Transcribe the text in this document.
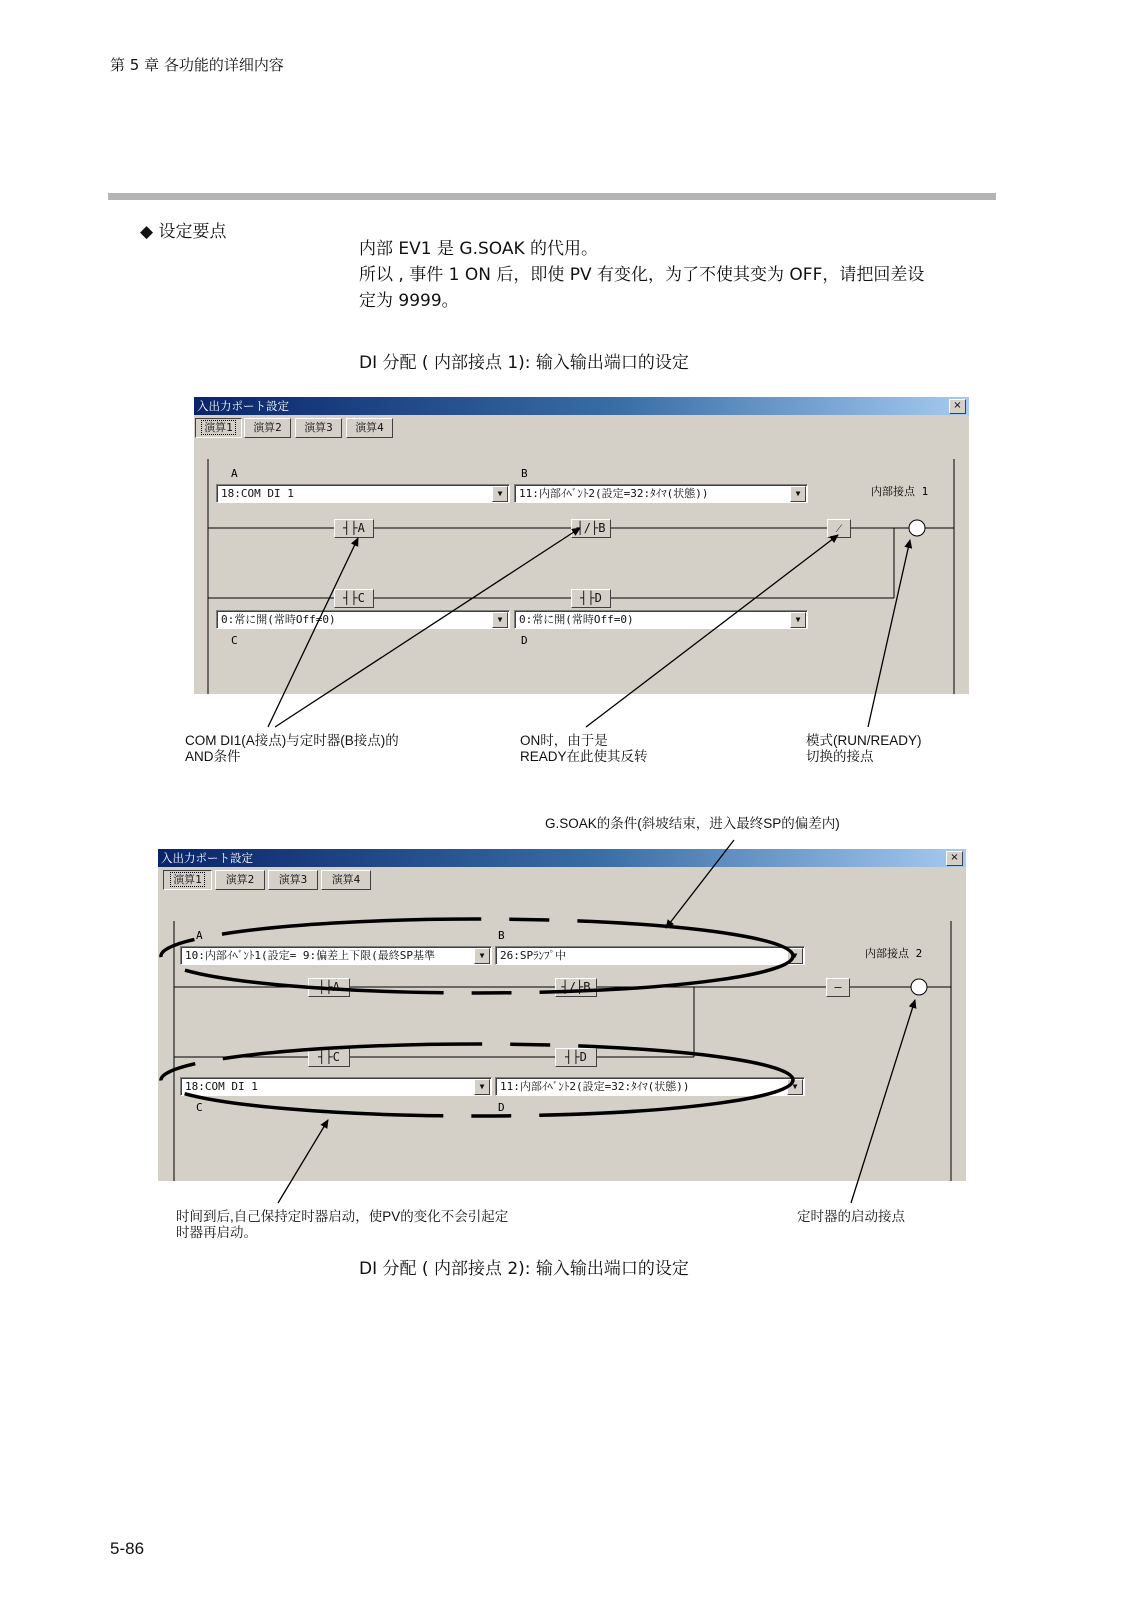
第 5 章 各功能的详细内容
◆ 设定要点
内部 EV1 是 G.SOAK 的代用。
所以 , 事件 1 ON 后，即使 PV 有变化，为了不使其变为 OFF，请把回差设
定为 9999。
DI 分配 ( 内部接点 1): 输入输出端口的设定
入出力ポート設定	×
演算1	演算2	演算3	演算4
A	B
C	D
内部接点 1
18:COM DI 1	▼	11:内部ｲﾍﾞﾝﾄ2(設定=32:ﾀｲﾏ(状態))	▼
0:常に開(常時Off=0)	▼	0:常に開(常時Off=0)	▼
┤├A	┤/├B
┤├C	┤├D
⁄
COM DI1(A接点)与定时器(B接点)的
AND条件
ON时，由于是
READY在此使其反转
模式(RUN/READY)
切换的接点
G.SOAK的条件(斜坡结束，进入最终SP的偏差内)
入出力ポート設定	×
演算1	演算2	演算3	演算4
A	B
C	D
内部接点 2
10:内部ｲﾍﾞﾝﾄ1(設定= 9:偏差上下限(最終SP基準	▼	26:SPﾗﾝﾌﾟ中	▼
18:COM DI 1	▼	11:内部ｲﾍﾞﾝﾄ2(設定=32:ﾀｲﾏ(状態))	▼
┤├A	┤/├B
┤├C	┤├D
—
时间到后,自己保持定时器启动，使PV的变化不会引起定
时器再启动。
定时器的启动接点
DI 分配 ( 内部接点 2): 输入输出端口的设定
5-86
